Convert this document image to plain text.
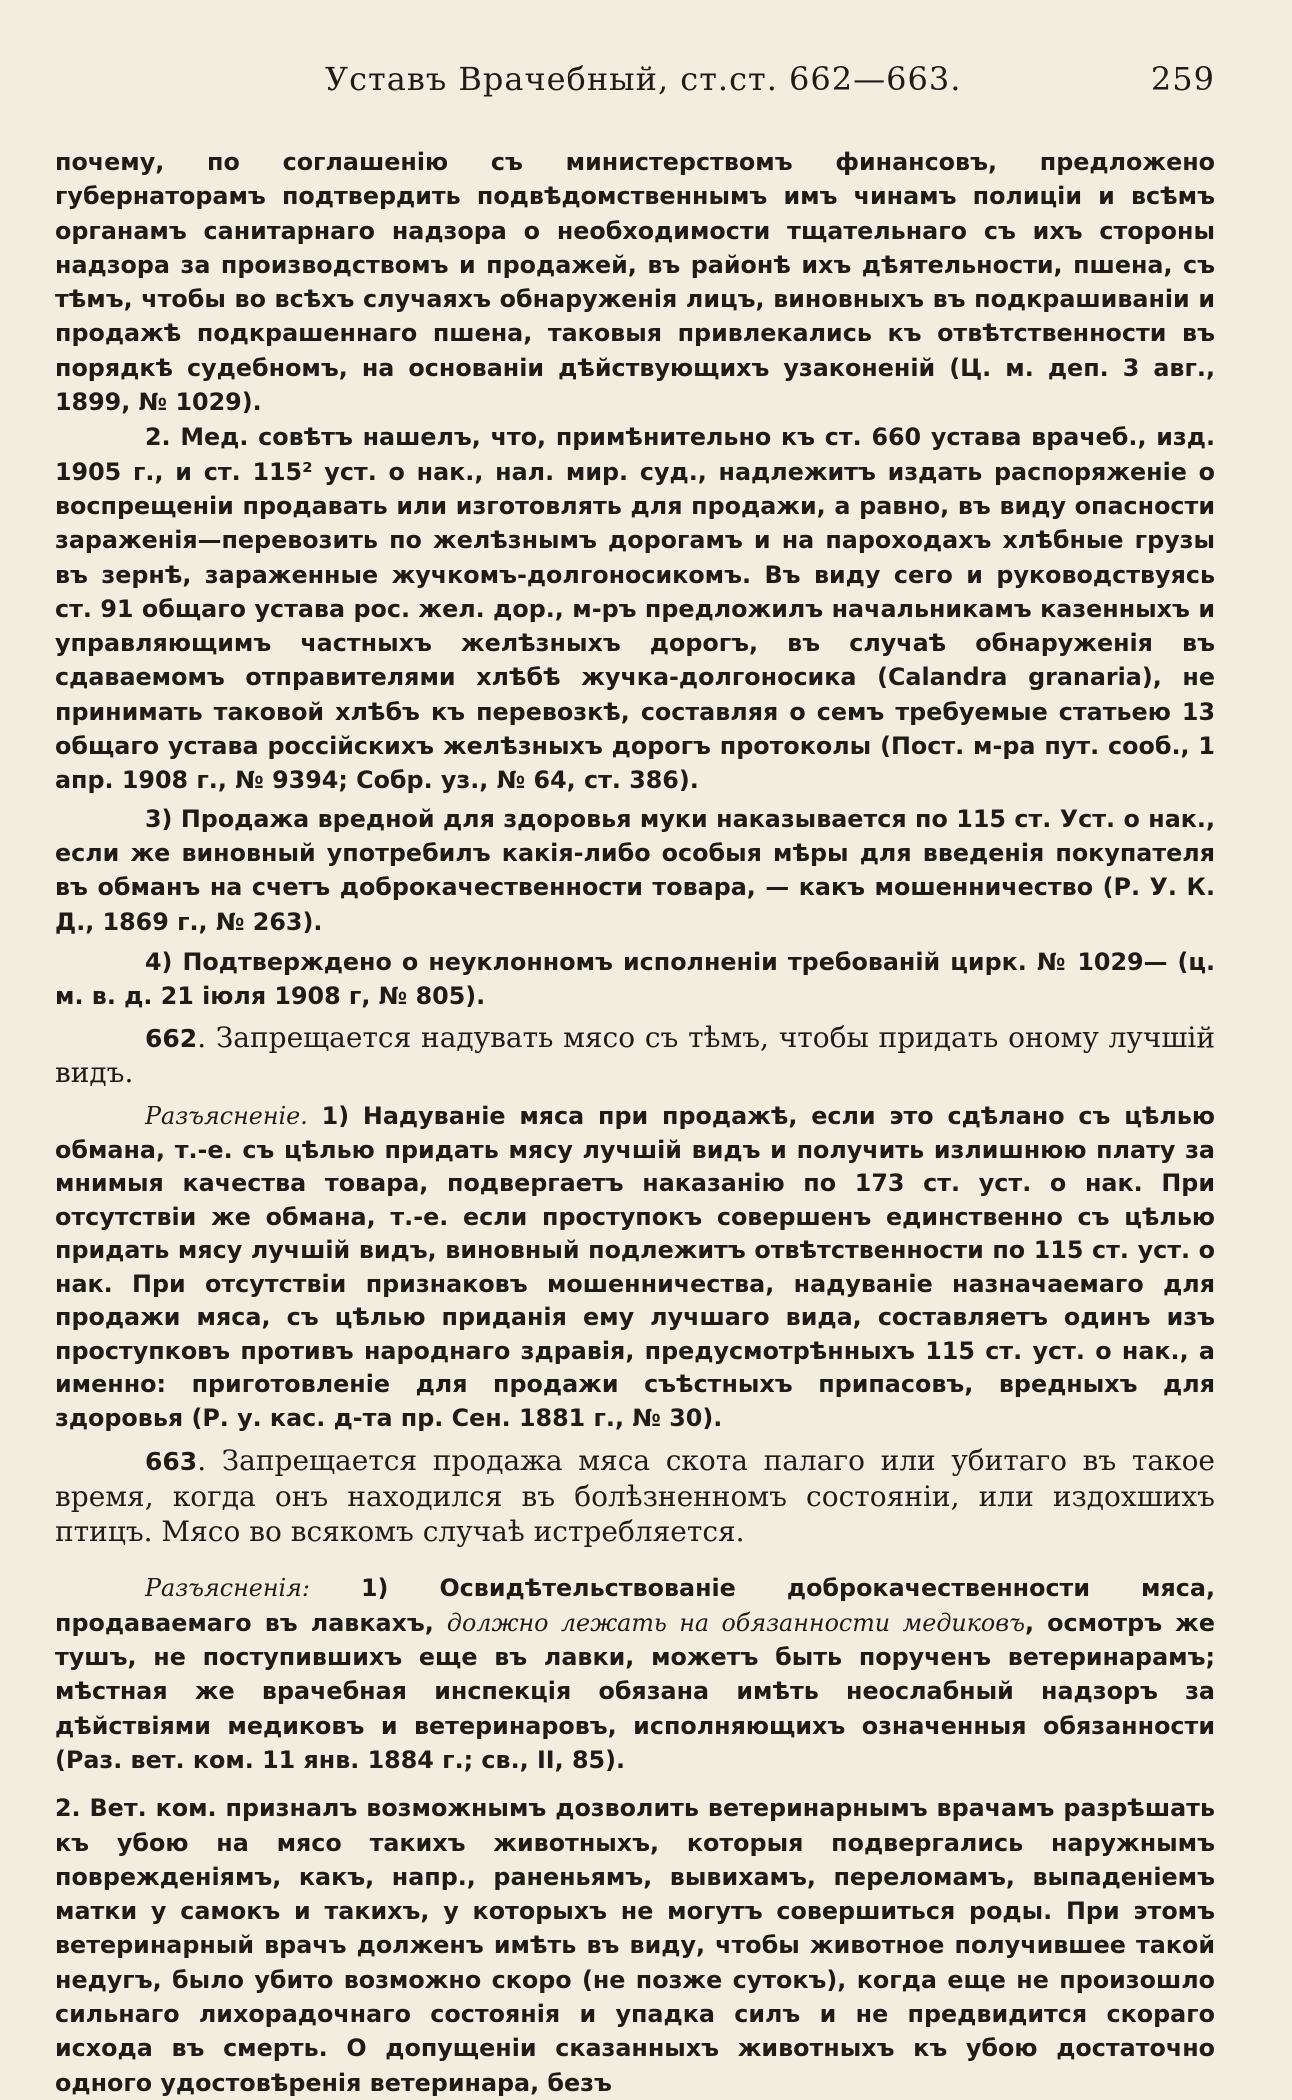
Уставъ Врачебный, ст.ст. 662—663.	259

почему, по соглашенію съ министерствомъ финансовъ, предложено губернаторамъ подтвердить подвѣдомственнымъ имъ чинамъ полиціи и всѣмъ органамъ санитарнаго надзора о необходимости тщательнаго съ ихъ стороны надзора за производствомъ и продажей, въ районѣ ихъ дѣятельности, пшена, съ тѣмъ, чтобы во всѣхъ случаяхъ обнаруженія лицъ, виновныхъ въ подкрашиваніи и продажѣ подкрашеннаго пшена, таковыя привлекались къ отвѣтственности въ порядкѣ судебномъ, на основаніи дѣйствующихъ узаконеній (Ц. м. деп. 3 авг., 1899, № 1029).

2. Мед. совѣтъ нашелъ, что, примѣнительно къ ст. 660 устава врачеб., изд. 1905 г., и ст. 115² уст. о нак., нал. мир. суд., надлежитъ издать распоряженіе о воспрещеніи продавать или изготовлять для продажи, а равно, въ виду опасности зараженія—перевозить по желѣзнымъ дорогамъ и на пароходахъ хлѣбные грузы въ зернѣ, зараженные жучкомъ-долгоносикомъ. Въ виду сего и руководствуясь ст. 91 общаго устава рос. жел. дор., м-ръ предложилъ начальникамъ казенныхъ и управляющимъ частныхъ желѣзныхъ дорогъ, въ случаѣ обнаруженія въ сдаваемомъ отправителями хлѣбѣ жучка-долгоносика (Calandra granaria), не принимать таковой хлѣбъ къ перевозкѣ, составляя о семъ требуемые статьею 13 общаго устава россійскихъ желѣзныхъ дорогъ протоколы (Пост. м-ра пут. сооб., 1 апр. 1908 г., № 9394; Собр. уз., № 64, ст. 386).

3) Продажа вредной для здоровья муки наказывается по 115 ст. Уст. о нак., если же виновный употребилъ какія-либо особыя мѣры для введенія покупателя въ обманъ на счетъ доброкачественности товара, — какъ мошенничество (Р. У. К. Д., 1869 г., № 263).

4) Подтверждено о неуклонномъ исполненіи требованій цирк. № 1029— (ц. м. в. д. 21 іюля 1908 г, № 805).

662. Запрещается надувать мясо съ тѣмъ, чтобы придать оному лучшій видъ.

Разъясненіе. 1) Надуваніе мяса при продажѣ, если это сдѣлано съ цѣлью обмана, т.-е. съ цѣлью придать мясу лучшій видъ и получить излишнюю плату за мнимыя качества товара, подвергаетъ наказанію по 173 ст. уст. о нак. При отсутствіи же обмана, т.-е. если проступокъ совершенъ единственно съ цѣлью придать мясу лучшій видъ, виновный подлежитъ отвѣтственности по 115 ст. уст. о нак. При отсутствіи признаковъ мошенничества, надуваніе назначаемаго для продажи мяса, съ цѣлью приданія ему лучшаго вида, составляетъ одинъ изъ проступковъ противъ народнаго здравія, предусмотрѣнныхъ 115 ст. уст. о нак., а именно: приготовленіе для продажи съѣстныхъ припасовъ, вредныхъ для здоровья (Р. у. кас. д-та пр. Сен. 1881 г., № 30).

663. Запрещается продажа мяса скота палаго или убитаго въ такое время, когда онъ находился въ болѣзненномъ состояніи, или издохшихъ птицъ. Мясо во всякомъ случаѣ истребляется.

Разъясненія: 1) Освидѣтельствованіе доброкачественности мяса, продаваемаго въ лавкахъ, должно лежать на обязанности медиковъ, осмотръ же тушъ, не поступившихъ еще въ лавки, можетъ быть порученъ ветеринарамъ; мѣстная же врачебная инспекція обязана имѣть неослабный надзоръ за дѣйствіями медиковъ и ветеринаровъ, исполняющихъ означенныя обязанности (Раз. вет. ком. 11 янв. 1884 г.; св., II, 85).

2. Вет. ком. призналъ возможнымъ дозволить ветеринарнымъ врачамъ разрѣшать къ убою на мясо такихъ животныхъ, которыя подвергались наружнымъ поврежденіямъ, какъ, напр., раненьямъ, вывихамъ, переломамъ, выпаденіемъ матки у самокъ и такихъ, у которыхъ не могутъ совершиться роды. При этомъ ветеринарный врачъ долженъ имѣть въ виду, чтобы животное получившее такой недугъ, было убито возможно скоро (не позже сутокъ), когда еще не произошло сильнаго лихорадочнаго состоянія и упадка силъ и не предвидится скораго исхода въ смерть. О допущеніи сказанныхъ животныхъ къ убою достаточно одного удостовѣренія ветеринара, безъ
